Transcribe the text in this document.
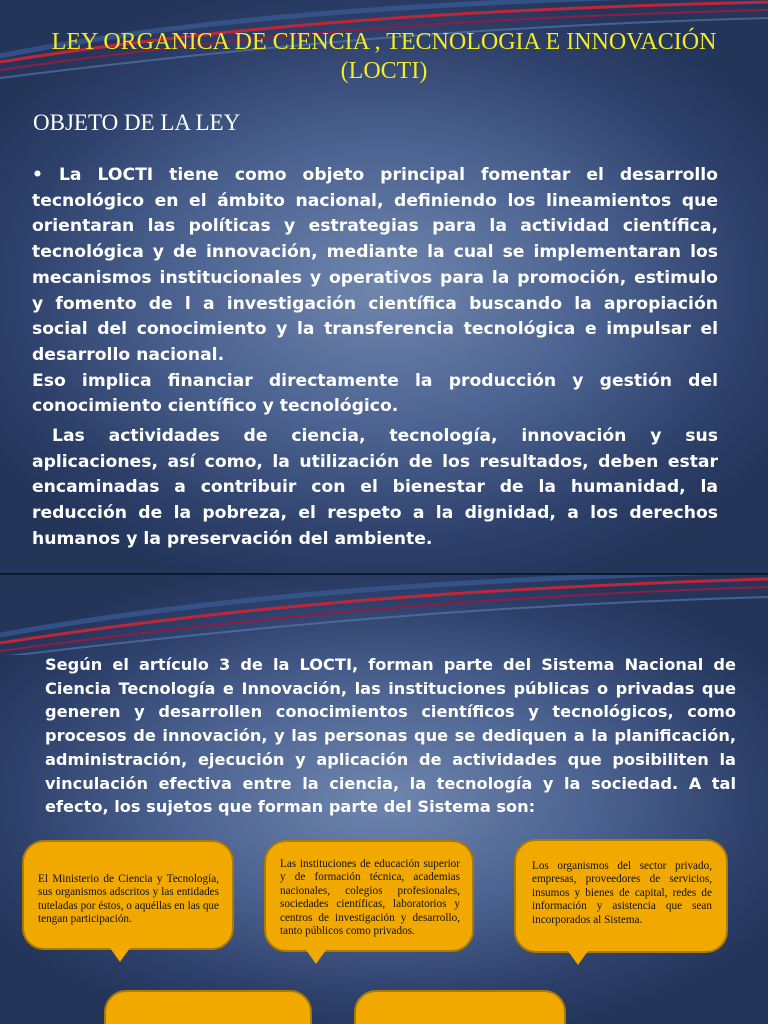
LEY ORGANICA DE CIENCIA , TECNOLOGIA E INNOVACIÓN (LOCTI)
OBJETO DE LA LEY

• La LOCTI tiene como objeto principal fomentar el desarrollo tecnológico en el ámbito nacional, definiendo los lineamientos que orientaran las políticas y estrategias para la actividad científica, tecnológica y de innovación, mediante la cual se implementaran los mecanismos institucionales y operativos para la promoción, estimulo y fomento de l a investigación científica buscando la apropiación social del conocimiento y la transferencia tecnológica e impulsar el desarrollo nacional.

Eso implica financiar directamente la producción y gestión del conocimiento científico y tecnológico.

Las actividades de ciencia, tecnología, innovación y sus aplicaciones, así como, la utilización de los resultados, deben estar encaminadas a contribuir con el bienestar de la humanidad, la reducción de la pobreza, el respeto a la dignidad, a los derechos humanos y la preservación del ambiente.

Según el artículo 3 de la LOCTI, forman parte del Sistema Nacional de Ciencia Tecnología e Innovación, las instituciones públicas o privadas que generen y desarrollen conocimientos científicos y tecnológicos, como procesos de innovación, y las personas que se dediquen a la planificación, administración, ejecución y aplicación de actividades que posibiliten la vinculación efectiva entre la ciencia, la tecnología y la sociedad. A tal efecto, los sujetos que forman parte del Sistema son:

El Ministerio de Ciencia y Tecnología, sus organismos adscritos y las entidades tuteladas por éstos, o aquéllas en las que tengan participación.
Las instituciones de educación superior y de formación técnica, academias nacionales, colegios profesionales, sociedades científicas, laboratorios y centros de investigación y desarrollo, tanto públicos como privados.
Los organismos del sector privado, empresas, proveedores de servicios, insumos y bienes de capital, redes de información y asistencia que sean incorporados al Sistema.
